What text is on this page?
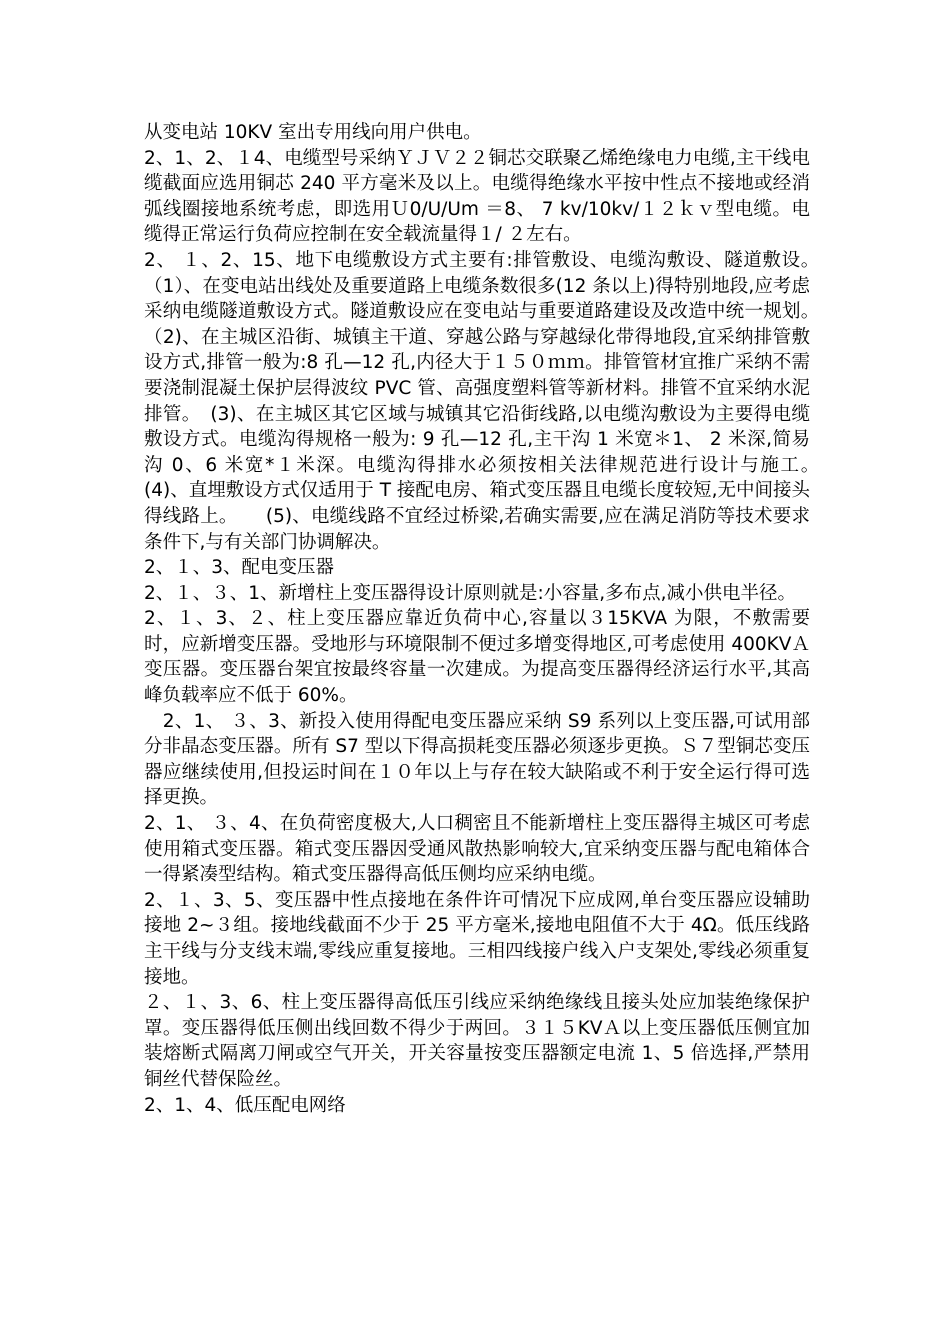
从变电站 10KV 室出专用线向用户供电。

2、1、2、１4、电缆型号采纳ＹＪＶ２２铜芯交联聚乙烯绝缘电力电缆,主干线电缆截面应选用铜芯 240 平方毫米及以上。电缆得绝缘水平按中性点不接地或经消弧线圈接地系统考虑，即选用Ｕ0/U/Um ＝8、 7 kv/10kv/１２ｋｖ型电缆。电缆得正常运行负荷应控制在安全载流量得１/ ２左右。

2、 １、2、15、地下电缆敷设方式主要有:排管敷设、电缆沟敷设、隧道敷设。　　（1）、在变电站出线处及重要道路上电缆条数很多(12 条以上)得特别地段,应考虑采纳电缆隧道敷设方式。隧道敷设应在变电站与重要道路建设及改造中统一规划。　（2)、在主城区沿街、城镇主干道、穿越公路与穿越绿化带得地段,宜采纳排管敷设方式,排管一般为:8 孔—12 孔,内径大于１５０ｍｍ。排管管材宜推广采纳不需要浇制混凝土保护层得波纹 PVC 管、高强度塑料管等新材料。排管不宜采纳水泥排管。　(3)、在主城区其它区域与城镇其它沿街线路,以电缆沟敷设为主要得电缆敷设方式。电缆沟得规格一般为: 9 孔—12 孔,主干沟 1 米宽＊1、 2 米深,简易沟 0、6 米宽*１米深。电缆沟得排水必须按相关法律规范进行设计与施工。　(4)、直埋敷设方式仅适用于 T 接配电房、箱式变压器且电缆长度较短,无中间接头得线路上。　　(5)、电缆线路不宜经过桥梁,若确实需要,应在满足消防等技术要求条件下,与有关部门协调解决。

2、１、3、配电变压器

2、１、３、1、新增柱上变压器得设计原则就是:小容量,多布点,减小供电半径。

2、１、3、２、柱上变压器应靠近负荷中心,容量以３15KVA 为限，不敷需要时，应新增变压器。受地形与环境限制不便过多增变得地区,可考虑使用 400KVＡ变压器。变压器台架宜按最终容量一次建成。为提高变压器得经济运行水平,其高峰负载率应不低于 60%。

　2、1、 ３、3、新投入使用得配电变压器应采纳 S9 系列以上变压器,可试用部分非晶态变压器。所有 S7 型以下得高损耗变压器必须逐步更换。Ｓ７型铜芯变压器应继续使用,但投运时间在１０年以上与存在较大缺陷或不利于安全运行得可选择更换。

2、1、 ３、4、在负荷密度极大,人口稠密且不能新增柱上变压器得主城区可考虑使用箱式变压器。箱式变压器因受通风散热影响较大,宜采纳变压器与配电箱体合一得紧凑型结构。箱式变压器得高低压侧均应采纳电缆。

2、１、3、5、变压器中性点接地在条件许可情况下应成网,单台变压器应设辅助接地 2~３组。接地线截面不少于 25 平方毫米,接地电阻值不大于 4Ω。低压线路主干线与分支线末端,零线应重复接地。三相四线接户线入户支架处,零线必须重复接地。

２、１、3、6、柱上变压器得高低压引线应采纳绝缘线且接头处应加装绝缘保护罩。变压器得低压侧出线回数不得少于两回。３１５KVＡ以上变压器低压侧宜加装熔断式隔离刀闸或空气开关，开关容量按变压器额定电流 1、5 倍选择,严禁用铜丝代替保险丝。

2、1、4、低压配电网络
